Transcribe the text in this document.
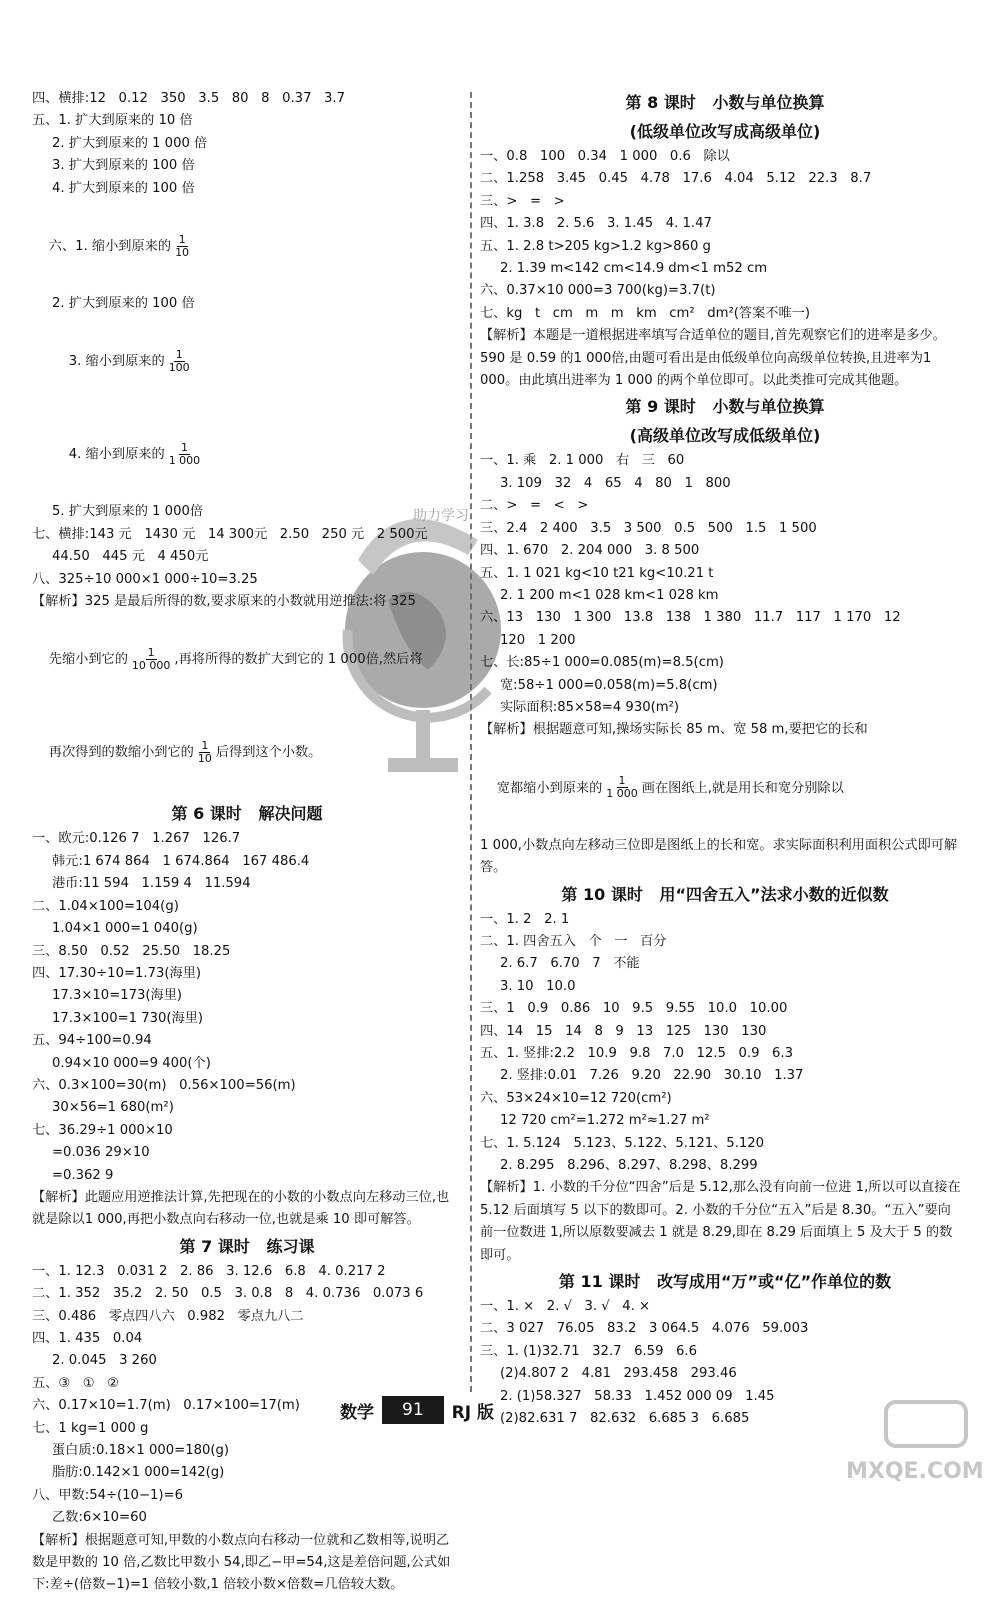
助力学习
MXQE.COM
四、横排:12   0.12   350   3.5   80   8   0.37   3.7
五、1. 扩大到原来的 10 倍
2. 扩大到原来的 1 000 倍
3. 扩大到原来的 100 倍
4. 扩大到原来的 100 倍

六、1. 缩小到原来的 $\frac{1}{10}$

2. 扩大到原来的 100 倍

3. 缩小到原来的 $\frac{1}{100}$

4. 缩小到原来的 $\frac{1}{1 000}$

5. 扩大到原来的 1 000倍
七、横排:143 元   1430 元   14 300元   2.50   250 元   2 500元
44.50   445 元   4 450元
八、325÷10 000×1 000÷10=3.25
【解析】325 是最后所得的数,要求原来的小数就用逆推法:将 325

先缩小到它的 $\frac{1}{10 000}$ ,再将所得的数扩大到它的 1 000倍,然后将

再次得到的数缩小到它的 $\frac{1}{10}$ 后得到这个小数。

第 6 课时   解决问题
一、欧元:0.126 7   1.267   126.7
韩元:1 674 864   1 674.864   167 486.4
港币:11 594   1.159 4   11.594
二、1.04×100=104(g)
1.04×1 000=1 040(g)
三、8.50   0.52   25.50   18.25
四、17.30÷10=1.73(海里)
17.3×10=173(海里)
17.3×100=1 730(海里)
五、94÷100=0.94
0.94×10 000=9 400(个)
六、0.3×100=30(m)   0.56×100=56(m)
30×56=1 680(m²)
七、36.29÷1 000×10
=0.036 29×10
=0.362 9
【解析】此题应用逆推法计算,先把现在的小数的小数点向左移动三位,也就是除以1 000,再把小数点向右移动一位,也就是乘 10 即可解答。
第 7 课时   练习课
一、1. 12.3   0.031 2   2. 86   3. 12.6   6.8   4. 0.217 2
二、1. 352   35.2   2. 50   0.5   3. 0.8   8   4. 0.736   0.073 6
三、0.486   零点四八六   0.982   零点九八二
四、1. 435   0.04
2. 0.045   3 260
五、③   ①   ②
六、0.17×10=1.7(m)   0.17×100=17(m)
七、1 kg=1 000 g
蛋白质:0.18×1 000=180(g)
脂肪:0.142×1 000=142(g)
八、甲数:54÷(10−1)=6
乙数:6×10=60
【解析】根据题意可知,甲数的小数点向右移动一位就和乙数相等,说明乙数是甲数的 10 倍,乙数比甲数小 54,即乙−甲=54,这是差倍问题,公式如下:差÷(倍数−1)=1 倍较小数,1 倍较小数×倍数=几倍较大数。
第 8 课时   小数与单位换算
(低级单位改写成高级单位)
一、0.8   100   0.34   1 000   0.6   除以
二、1.258   3.45   0.45   4.78   17.6   4.04   5.12   22.3   8.7
三、>   =   >
四、1. 3.8   2. 5.6   3. 1.45   4. 1.47
五、1. 2.8 t>205 kg>1.2 kg>860 g
2. 1.39 m<142 cm<14.9 dm<1 m52 cm
六、0.37×10 000=3 700(kg)=3.7(t)
七、kg   t   cm   m   m   km   cm²   dm²(答案不唯一)
【解析】本题是一道根据进率填写合适单位的题目,首先观察它们的进率是多少。590 是 0.59 的1 000倍,由题可看出是由低级单位向高级单位转换,且进率为1 000。由此填出进率为 1 000 的两个单位即可。以此类推可完成其他题。
第 9 课时   小数与单位换算
(高级单位改写成低级单位)
一、1. 乘   2. 1 000   右   三   60
3. 109   32   4   65   4   80   1   800
二、>   =   <   >
三、2.4   2 400   3.5   3 500   0.5   500   1.5   1 500
四、1. 670   2. 204 000   3. 8 500
五、1. 1 021 kg<10 t21 kg<10.21 t
2. 1 200 m<1 028 km<1 028 km
六、13   130   1 300   13.8   138   1 380   11.7   117   1 170   12
120   1 200
七、长:85÷1 000=0.085(m)=8.5(cm)
宽:58÷1 000=0.058(m)=5.8(cm)
实际面积:85×58=4 930(m²)
【解析】根据题意可知,操场实际长 85 m、宽 58 m,要把它的长和

宽都缩小到原来的 $\frac{1}{1 000}$ 画在图纸上,就是用长和宽分别除以

1 000,小数点向左移动三位即是图纸上的长和宽。求实际面积利用面积公式即可解答。
第 10 课时   用“四舍五入”法求小数的近似数
一、1. 2   2. 1
二、1. 四舍五入   个   一   百分
2. 6.7   6.70   7   不能
3. 10   10.0
三、1   0.9   0.86   10   9.5   9.55   10.0   10.00
四、14   15   14   8   9   13   125   130   130
五、1. 竖排:2.2   10.9   9.8   7.0   12.5   0.9   6.3
2. 竖排:0.01   7.26   9.20   22.90   30.10   1.37
六、53×24×10=12 720(cm²)
12 720 cm²=1.272 m²≈1.27 m²
七、1. 5.124   5.123、5.122、5.121、5.120
2. 8.295   8.296、8.297、8.298、8.299
【解析】1. 小数的千分位“四舍”后是 5.12,那么没有向前一位进 1,所以可以直接在 5.12 后面填写 5 以下的数即可。2. 小数的千分位“五入”后是 8.30。“五入”要向前一位数进 1,所以原数要减去 1 就是 8.29,即在 8.29 后面填上 5 及大于 5 的数即可。
第 11 课时   改写成用“万”或“亿”作单位的数
一、1. ×   2. √   3. √   4. ×
二、3 027   76.05   83.2   3 064.5   4.076   59.003
三、1. (1)32.71   32.7   6.59   6.6
(2)4.807 2   4.81   293.458   293.46
2. (1)58.327   58.33   1.452 000 09   1.45
(2)82.631 7   82.632   6.685 3   6.685
数学	91	RJ 版
